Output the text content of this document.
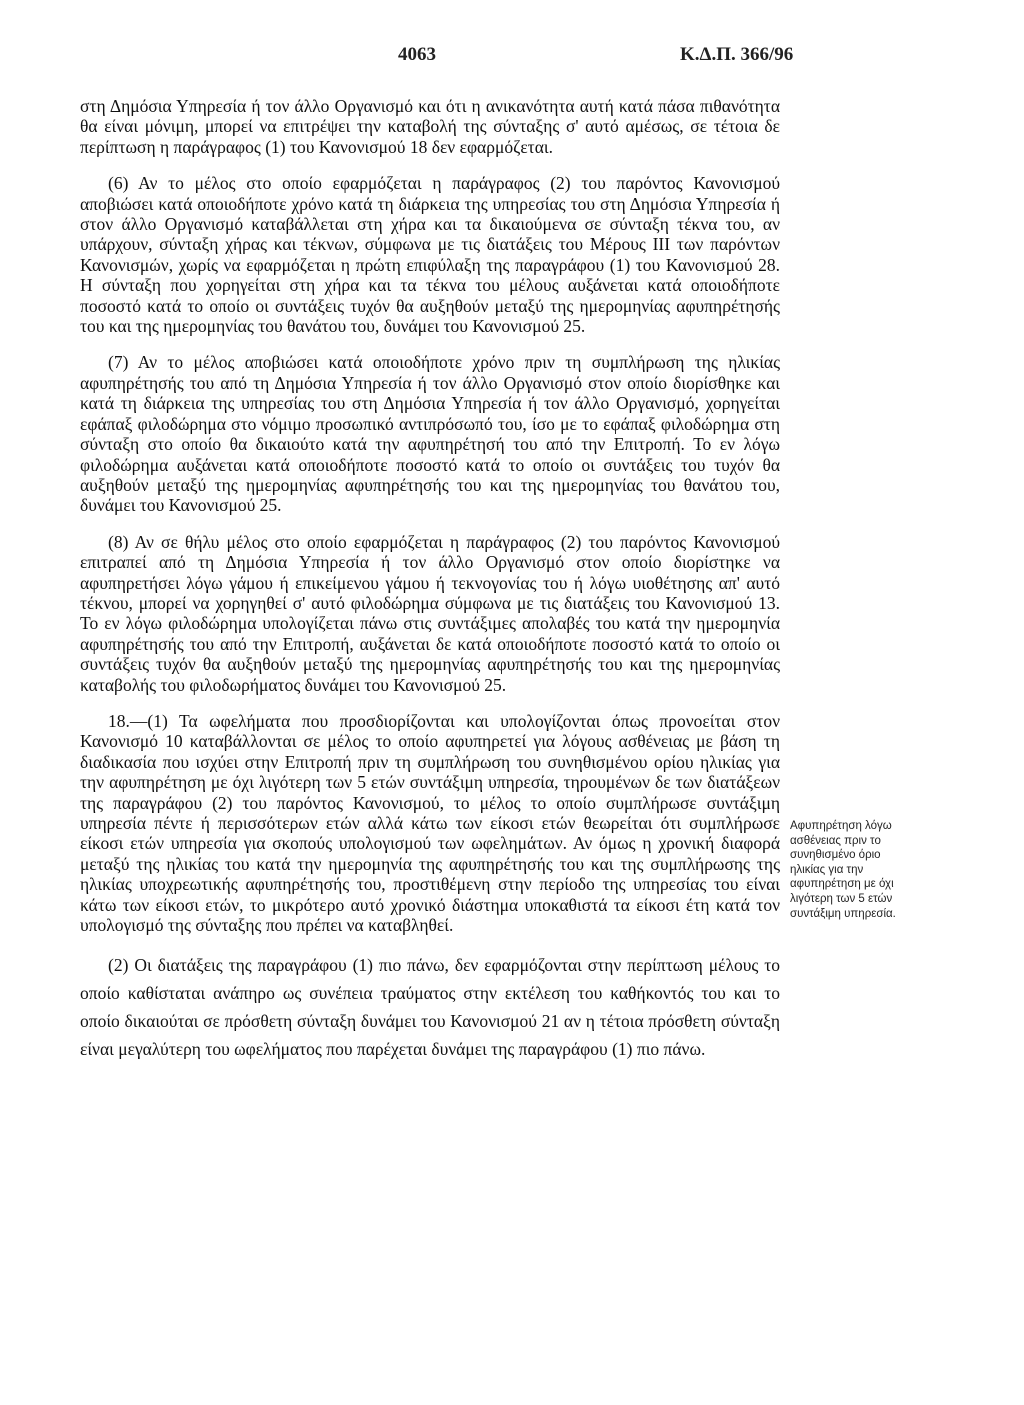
4063	Κ.Δ.Π. 366/96

στη Δημόσια Υπηρεσία ή τον άλλο Οργανισμό και ότι η ανικανότητα αυτή κατά πάσα πιθανότητα θα είναι μόνιμη, μπορεί να επιτρέψει την καταβολή της σύνταξης σ' αυτό αμέσως, σε τέτοια δε περίπτωση η παράγραφος (1) του Κανονισμού 18 δεν εφαρμόζεται.

(6) Αν το μέλος στο οποίο εφαρμόζεται η παράγραφος (2) του παρόντος Κανονισμού αποβιώσει κατά οποιοδήποτε χρόνο κατά τη διάρκεια της υπηρεσίας του στη Δημόσια Υπηρεσία ή στον άλλο Οργανισμό καταβάλλεται στη χήρα και τα δικαιούμενα σε σύνταξη τέκνα του, αν υπάρχουν, σύνταξη χήρας και τέκνων, σύμφωνα με τις διατάξεις του Μέρους III των παρόντων Κανονισμών, χωρίς να εφαρμόζεται η πρώτη επιφύλαξη της παραγράφου (1) του Κανονισμού 28. Η σύνταξη που χορηγείται στη χήρα και τα τέκνα του μέλους αυξάνεται κατά οποιοδήποτε ποσοστό κατά το οποίο οι συντάξεις τυχόν θα αυξηθούν μεταξύ της ημερομηνίας αφυπηρέτησής του και της ημερομηνίας του θανάτου του, δυνάμει του Κανονισμού 25.

(7) Αν το μέλος αποβιώσει κατά οποιοδήποτε χρόνο πριν τη συμπλήρωση της ηλικίας αφυπηρέτησής του από τη Δημόσια Υπηρεσία ή τον άλλο Οργανισμό στον οποίο διορίσθηκε και κατά τη διάρκεια της υπηρεσίας του στη Δημόσια Υπηρεσία ή τον άλλο Οργανισμό, χορηγείται εφάπαξ φιλοδώρημα στο νόμιμο προσωπικό αντιπρόσωπό του, ίσο με το εφάπαξ φιλοδώρημα στη σύνταξη στο οποίο θα δικαιούτο κατά την αφυπηρέτησή του από την Επιτροπή. Το εν λόγω φιλοδώρημα αυξάνεται κατά οποιοδήποτε ποσοστό κατά το οποίο οι συντάξεις του τυχόν θα αυξηθούν μεταξύ της ημερομηνίας αφυπηρέτησής του και της ημερομηνίας του θανάτου του, δυνάμει του Κανονισμού 25.

(8) Αν σε θήλυ μέλος στο οποίο εφαρμόζεται η παράγραφος (2) του παρόντος Κανονισμού επιτραπεί από τη Δημόσια Υπηρεσία ή τον άλλο Οργανισμό στον οποίο διορίστηκε να αφυπηρετήσει λόγω γάμου ή επικείμενου γάμου ή τεκνογονίας του ή λόγω υιοθέτησης απ' αυτό τέκνου, μπορεί να χορηγηθεί σ' αυτό φιλοδώρημα σύμφωνα με τις διατάξεις του Κανονισμού 13. Το εν λόγω φιλοδώρημα υπολογίζεται πάνω στις συντάξιμες απολαβές του κατά την ημερομηνία αφυπηρέτησής του από την Επιτροπή, αυξάνεται δε κατά οποιοδήποτε ποσοστό κατά το οποίο οι συντάξεις τυχόν θα αυξηθούν μεταξύ της ημερομηνίας αφυπηρέτησής του και της ημερομηνίας καταβολής του φιλοδωρήματος δυνάμει του Κανονισμού 25.

18.—(1) Τα ωφελήματα που προσδιορίζονται και υπολογίζονται όπως προνοείται στον Κανονισμό 10 καταβάλλονται σε μέλος το οποίο αφυπηρετεί για λόγους ασθένειας με βάση τη διαδικασία που ισχύει στην Επιτροπή πριν τη συμπλήρωση του συνηθισμένου ορίου ηλικίας για την αφυπηρέτηση με όχι λιγότερη των 5 ετών συντάξιμη υπηρεσία, τηρουμένων δε των διατάξεων της παραγράφου (2) του παρόντος Κανονισμού, το μέλος το οποίο συμπλήρωσε συντάξιμη υπηρεσία πέντε ή περισσότερων ετών αλλά κάτω των είκοσι ετών θεωρείται ότι συμπλήρωσε είκοσι ετών υπηρεσία για σκοπούς υπολογισμού των ωφελημάτων. Αν όμως η χρονική διαφορά μεταξύ της ηλικίας του κατά την ημερομηνία της αφυπηρέτησής του και της συμπλήρωσης της ηλικίας υποχρεωτικής αφυπηρέτησής του, προστιθέμενη στην περίοδο της υπηρεσίας του είναι κάτω των είκοσι ετών, το μικρότερο αυτό χρονικό διάστημα υποκαθιστά τα είκοσι έτη κατά τον υπολογισμό της σύνταξης που πρέπει να καταβληθεί.

(2) Οι διατάξεις της παραγράφου (1) πιο πάνω, δεν εφαρμόζονται στην περίπτωση μέλους το οποίο καθίσταται ανάπηρο ως συνέπεια τραύματος στην εκτέλεση του καθήκοντός του και το οποίο δικαιούται σε πρόσθετη σύνταξη δυνάμει του Κανονισμού 21 αν η τέτοια πρόσθετη σύνταξη είναι μεγαλύτερη του ωφελήματος που παρέχεται δυνάμει της παραγράφου (1) πιο πάνω.

Αφυπηρέτηση λόγω ασθένειας πριν το συνηθισμένο όριο ηλικίας για την αφυπηρέτηση με όχι λιγότερη των 5 ετών συντάξιμη υπηρεσία.
